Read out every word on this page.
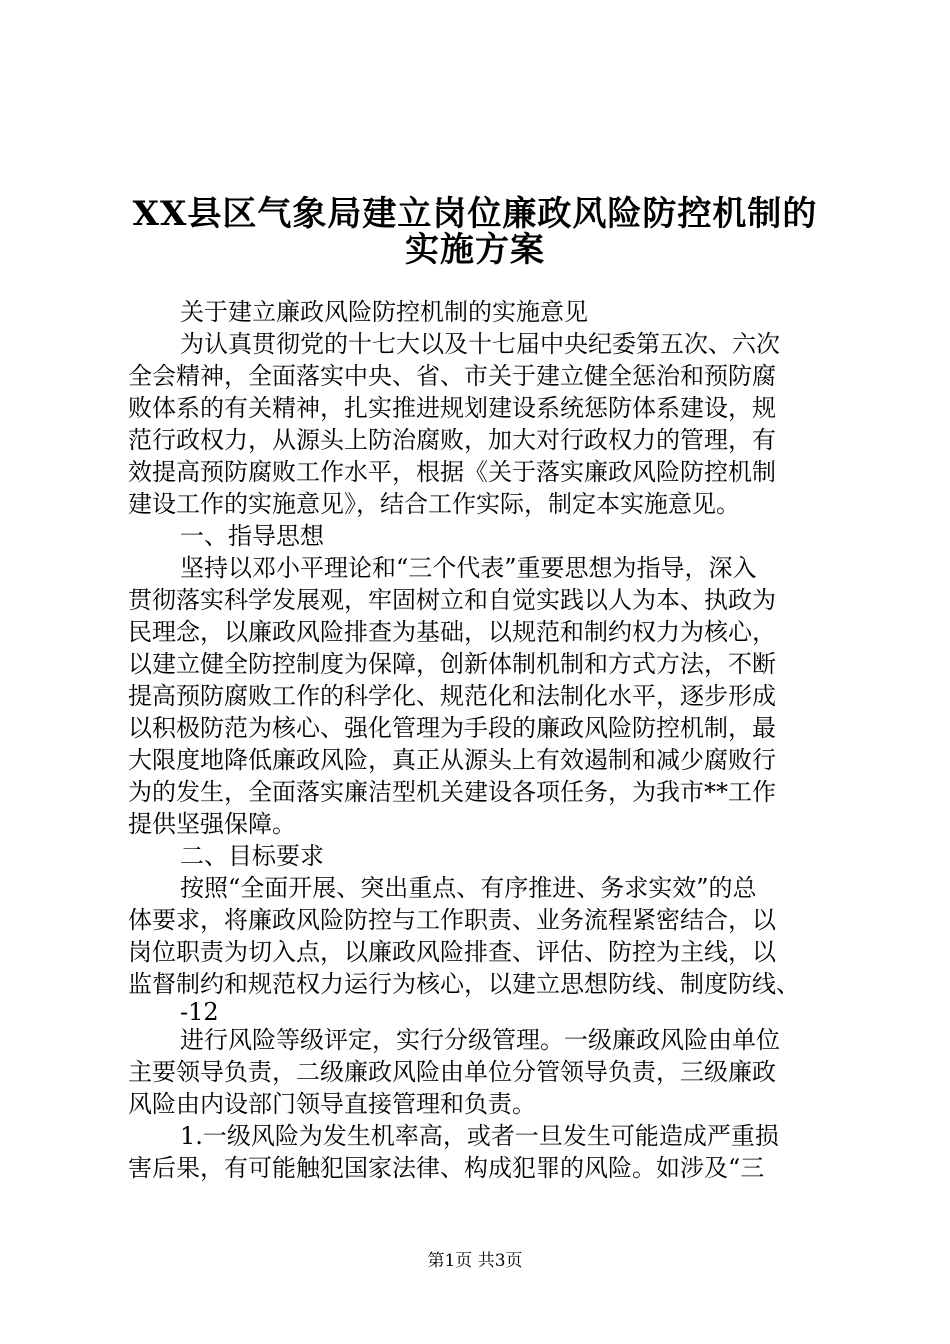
XX县区气象局建立岗位廉政风险防控机制的
实施方案

关于建立廉政风险防控机制的实施意见

为认真贯彻党的十七大以及十七届中央纪委第五次、六次

全会精神，全面落实中央、省、市关于建立健全惩治和预防腐

败体系的有关精神，扎实推进规划建设系统惩防体系建设，规

范行政权力，从源头上防治腐败，加大对行政权力的管理，有

效提高预防腐败工作水平，根据《关于落实廉政风险防控机制

建设工作的实施意见》，结合工作实际，制定本实施意见。

一、指导思想

坚持以邓小平理论和“三个代表”重要思想为指导，深入

贯彻落实科学发展观，牢固树立和自觉实践以人为本、执政为

民理念，以廉政风险排查为基础，以规范和制约权力为核心，

以建立健全防控制度为保障，创新体制机制和方式方法，不断

提高预防腐败工作的科学化、规范化和法制化水平，逐步形成

以积极防范为核心、强化管理为手段的廉政风险防控机制，最

大限度地降低廉政风险，真正从源头上有效遏制和减少腐败行

为的发生，全面落实廉洁型机关建设各项任务，为我市**工作

提供坚强保障。

二、目标要求

按照“全面开展、突出重点、有序推进、务求实效”的总

体要求，将廉政风险防控与工作职责、业务流程紧密结合，以

岗位职责为切入点，以廉政风险排查、评估、防控为主线，以

监督制约和规范权力运行为核心，以建立思想防线、制度防线、

-12

进行风险等级评定，实行分级管理。一级廉政风险由单位

主要领导负责，二级廉政风险由单位分管领导负责，三级廉政

风险由内设部门领导直接管理和负责。

1.一级风险为发生机率高，或者一旦发生可能造成严重损

害后果，有可能触犯国家法律、构成犯罪的风险。如涉及“三

第1页 共3页
